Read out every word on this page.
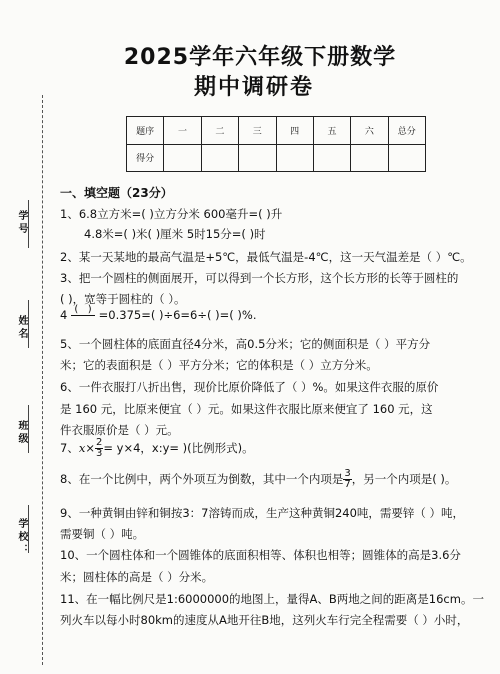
2025学年六年级下册数学
期中调研卷
学号
姓名
班级
学校：
题序	一	二	三	四	五	六	总分
得分							
一、填空题（23分）
1、6.8立方米=( )立方分米 600毫升=( )升
4.8米=( )米( )厘米 5时15分=( )时
2、某一天某地的最高气温是+5℃，最低气温是-4℃，这一天气温差是（ ）℃。
3、把一个圆柱的侧面展开，可以得到一个长方形，这个长方形的长等于圆柱的
( )，宽等于圆柱的（ ）。
4 (   )
=0.375=( )÷6=6÷( )=( )%.
5、一个圆柱体的底面直径4分米，高0.5分米；它的侧面积是（ ）平方分
米；它的表面积是（ ）平方分米；它的体积是（ ）立方分米。
6、一件衣服打八折出售，现价比原价降低了（ ）%。如果这件衣服的原价
是 160 元，比原来便宜（ ）元。如果这件衣服比原来便宜了 160 元，这
件衣服原价是（ ）元。
7、$x\times \frac{2}{3} = y\times 4$，x:y= )(比例形式)。
8、在一个比例中，两个外项互为倒数，其中一个内项是 $\frac{3}{7}$ ，另一个内项是( )。
9、一种黄铜由锌和铜按3：7溶铸而成，生产这种黄铜240吨，需要锌（ ）吨，
需要铜（ ）吨。
10、一个圆柱体和一个圆锥体的底面积相等、体积也相等；圆锥体的高是3.6分
米；圆柱体的高是（ ）分米。
11、在一幅比例尺是1:6000000的地图上，量得A、B两地之间的距离是16cm。一
列火车以每小时80km的速度从A地开往B地，这列火车行完全程需要（ ）小时，
